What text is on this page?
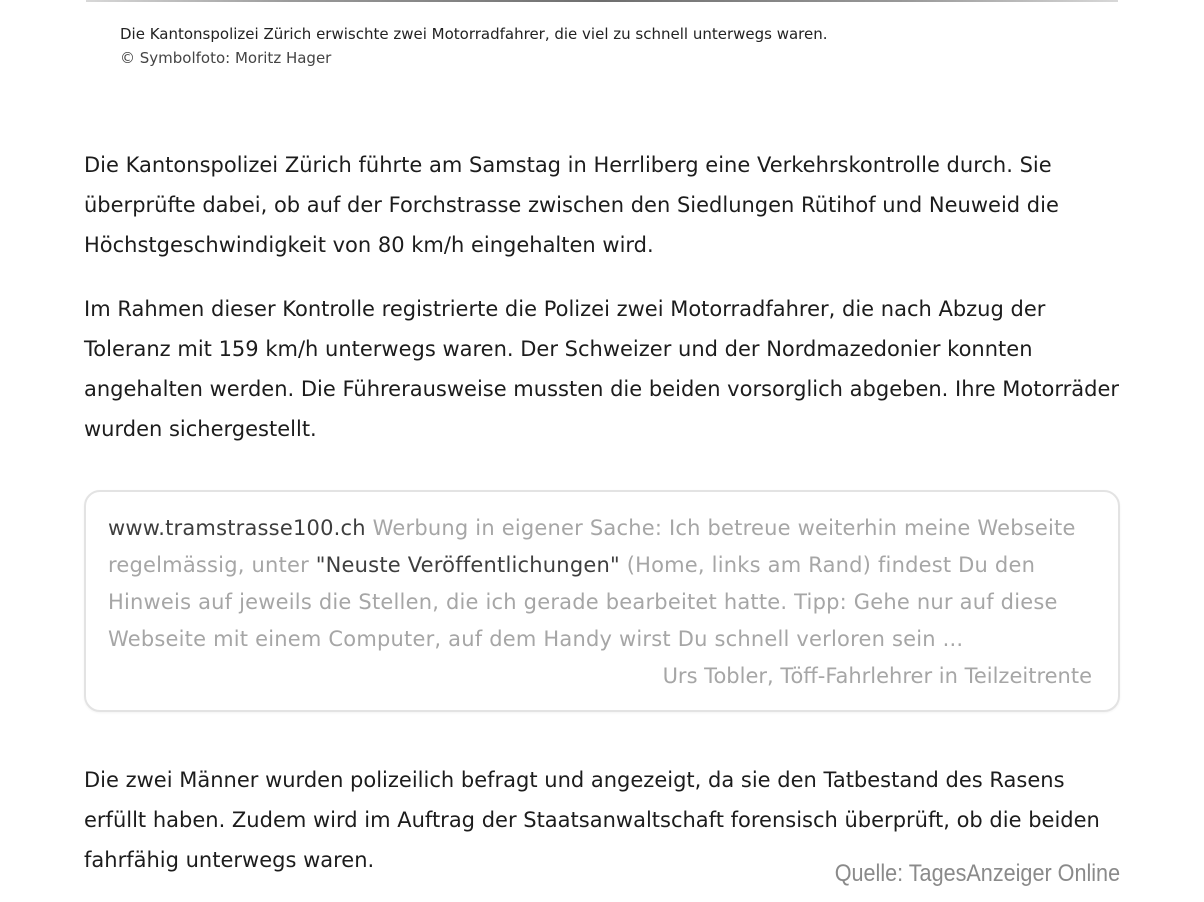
Die Kantonspolizei Zürich erwischte zwei Motorradfahrer, die viel zu schnell unterwegs waren.
© Symbolfoto: Moritz Hager

Die Kantonspolizei Zürich führte am Samstag in Herrliberg eine Verkehrskontrolle durch. Sie überprüfte dabei, ob auf der Forchstrasse zwischen den Siedlungen Rütihof und Neuweid die Höchstgeschwindigkeit von 80 km/h eingehalten wird.

Im Rahmen dieser Kontrolle registrierte die Polizei zwei Motorradfahrer, die nach Abzug der Toleranz mit 159 km/h unterwegs waren. Der Schweizer und der Nordmazedonier konnten angehalten werden. Die Führerausweise mussten die beiden vorsorglich abgeben. Ihre Motorräder wurden sichergestellt.

www.tramstrasse100.ch Werbung in eigener Sache: Ich betreue weiterhin meine Webseite regelmässig, unter "Neuste Veröffentlichungen" (Home, links am Rand) findest Du den Hinweis auf jeweils die Stellen, die ich gerade bearbeitet hatte. Tipp: Gehe nur auf diese Webseite mit einem Computer, auf dem Handy wirst Du schnell verloren sein ...
Urs Tobler, Töff-Fahrlehrer in Teilzeitrente

Die zwei Männer wurden polizeilich befragt und angezeigt, da sie den Tatbestand des Rasens erfüllt haben. Zudem wird im Auftrag der Staatsanwaltschaft forensisch überprüft, ob die beiden fahrfähig unterwegs waren.	Quelle: TagesAnzeiger Online
